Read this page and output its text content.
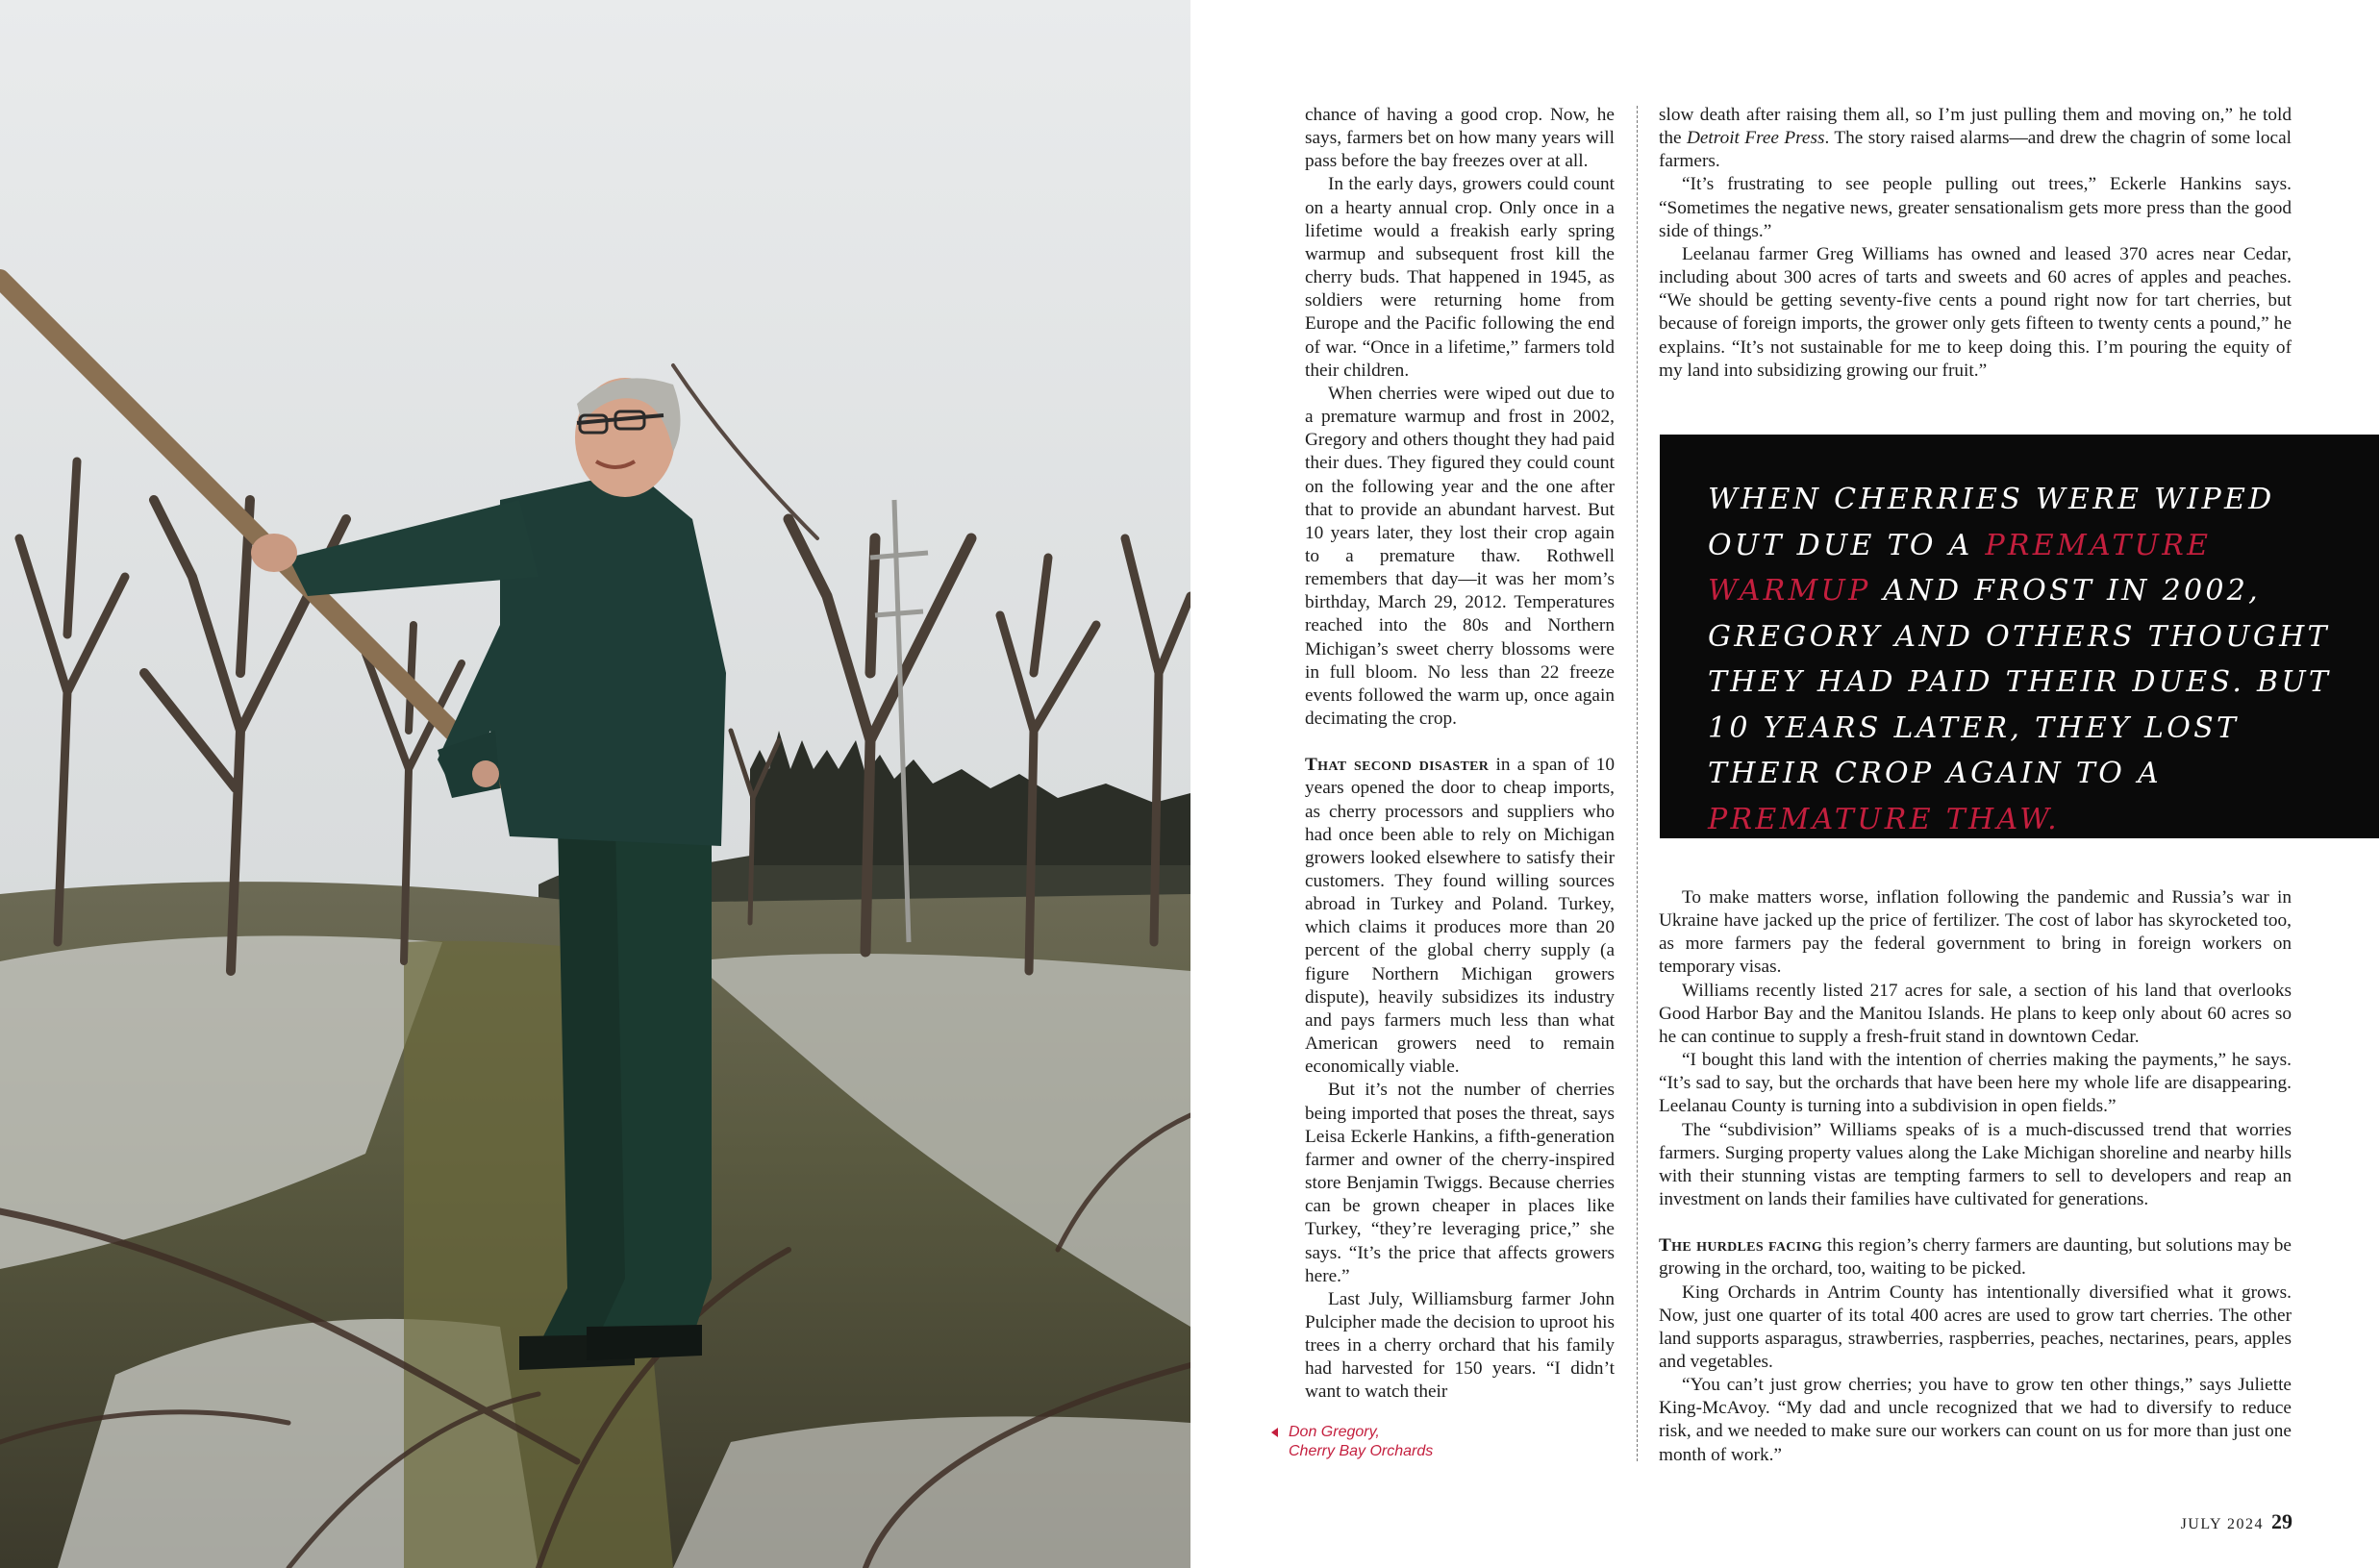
Don Gregory,
Cherry Bay Orchards

chance of having a good crop. Now, he says, farmers bet on how many years will pass before the bay freezes over at all.

In the early days, growers could count on a hearty annual crop. Only once in a lifetime would a freakish early spring warmup and subsequent frost kill the cherry buds. That happened in 1945, as soldiers were returning home from Europe and the Pacific following the end of war. “Once in a lifetime,” farmers told their children.

When cherries were wiped out due to a premature warmup and frost in 2002, Gregory and others thought they had paid their dues. They figured they could count on the following year and the one after that to provide an abundant harvest. But 10 years later, they lost their crop again to a premature thaw. Rothwell remembers that day—it was her mom’s birthday, March 29, 2012. Temperatures reached into the 80s and Northern Michigan’s sweet cherry blossoms were in full bloom. No less than 22 freeze events followed the warm up, once again decimating the crop.

That second disaster in a span of 10 years opened the door to cheap imports, as cherry processors and suppliers who had once been able to rely on Michigan growers looked elsewhere to satisfy their customers. They found willing sources abroad in Turkey and Poland. Turkey, which claims it produces more than 20 percent of the global cherry supply (a figure Northern Michigan growers dispute), heavily subsidizes its industry and pays farmers much less than what American growers need to remain economically viable.

But it’s not the number of cherries being imported that poses the threat, says Leisa Eckerle Hankins, a fifth-generation farmer and owner of the cherry-inspired store Benjamin Twiggs. Because cherries can be grown cheaper in places like Turkey, “they’re leveraging price,” she says. “It’s the price that affects growers here.”

Last July, Williamsburg farmer John Pulcipher made the decision to uproot his trees in a cherry orchard that his family had harvested for 150 years. “I didn’t want to watch their

slow death after raising them all, so I’m just pulling them and moving on,” he told the Detroit Free Press. The story raised alarms—and drew the chagrin of some local farmers.

“It’s frustrating to see people pulling out trees,” Eckerle Hankins says. “Sometimes the negative news, greater sensationalism gets more press than the good side of things.”

Leelanau farmer Greg Williams has owned and leased 370 acres near Cedar, including about 300 acres of tarts and sweets and 60 acres of apples and peaches. “We should be getting seventy-five cents a pound right now for tart cherries, but because of foreign imports, the grower only gets fifteen to twenty cents a pound,” he explains. “It’s not sustainable for me to keep doing this. I’m pouring the equity of my land into subsidizing growing our fruit.”

WHEN CHERRIES WERE WIPED OUT DUE TO A PREMATURE WARMUP AND FROST IN 2002, GREGORY AND OTHERS THOUGHT THEY HAD PAID THEIR DUES. BUT 10 YEARS LATER, THEY LOST THEIR CROP AGAIN TO A PREMATURE THAW.

To make matters worse, inflation following the pandemic and Russia’s war in Ukraine have jacked up the price of fertilizer. The cost of labor has skyrocketed too, as more farmers pay the federal government to bring in foreign workers on temporary visas.

Williams recently listed 217 acres for sale, a section of his land that overlooks Good Harbor Bay and the Manitou Islands. He plans to keep only about 60 acres so he can continue to supply a fresh-fruit stand in downtown Cedar.

“I bought this land with the intention of cherries making the payments,” he says. “It’s sad to say, but the orchards that have been here my whole life are disappearing. Leelanau County is turning into a subdivision in open fields.”

The “subdivision” Williams speaks of is a much-discussed trend that worries farmers. Surging property values along the Lake Michigan shoreline and nearby hills with their stunning vistas are tempting farmers to sell to developers and reap an investment on lands their families have cultivated for generations.

The hurdles facing this region’s cherry farmers are daunting, but solutions may be growing in the orchard, too, waiting to be picked.

King Orchards in Antrim County has intentionally diversified what it grows. Now, just one quarter of its total 400 acres are used to grow tart cherries. The other land supports asparagus, strawberries, raspberries, peaches, nectarines, pears, apples and vegetables.

“You can’t just grow cherries; you have to grow ten other things,” says Juliette King-McAvoy. “My dad and uncle recognized that we had to diversify to reduce risk, and we needed to make sure our workers can count on us for more than just one month of work.”

JULY 2024 29
